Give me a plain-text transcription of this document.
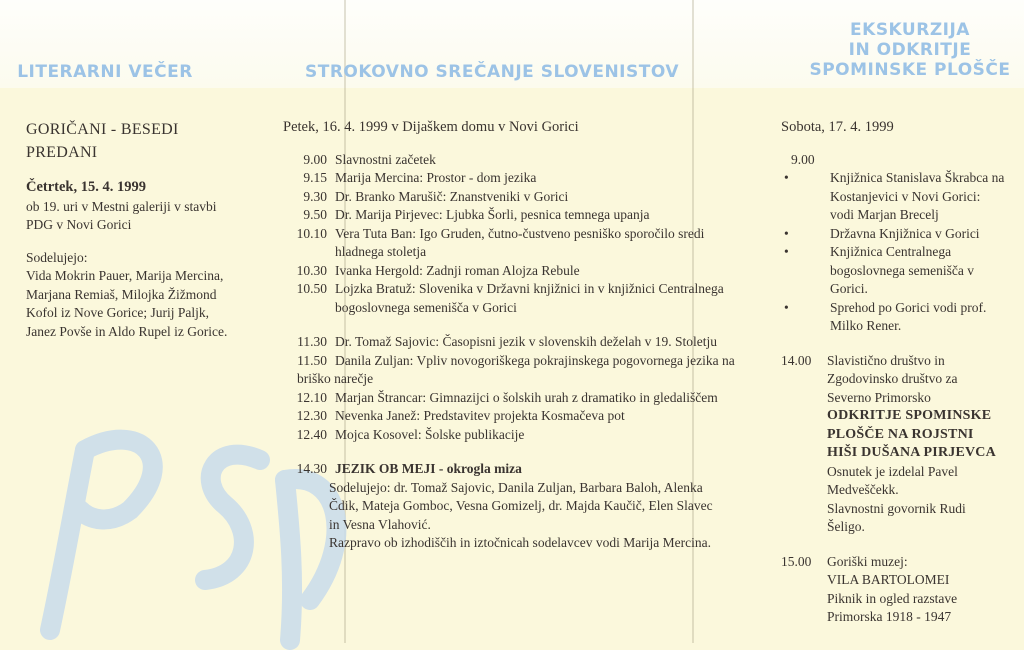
LITERARNI VEČER	STROKOVNO SREČANJE SLOVENISTOV
EKSKURZIJA
IN ODKRITJE
SPOMINSKE PLOŠČE
GORIČANI - BESEDI
PREDANI
Četrtek, 15. 4. 1999
ob 19. uri v Mestni galeriji v stavbi
PDG v Novi Gorici
Sodelujejo:
Vida Mokrin Pauer, Marija Mercina,
Marjana Remiaš, Milojka Žižmond
Kofol iz Nove Gorice; Jurij Paljk,
Janez Povše in Aldo Rupel iz Gorice.
Petek, 16. 4. 1999 v Dijaškem domu v Novi Gorici
9.00 Slavnostni začetek
9.15 Marija Mercina: Prostor - dom jezika
9.30 Dr. Branko Marušič: Znanstveniki v Gorici
9.50 Dr. Marija Pirjevec: Ljubka Šorli, pesnica temnega upanja
10.10 Vera Tuta Ban: Igo Gruden, čutno-čustveno pesniško sporočilo sredi
hladnega stoletja
10.30 Ivanka Hergold: Zadnji roman Alojza Rebule
10.50 Lojzka Bratuž: Slovenika v Državni knjižnici in v knjižnici Centralnega
bogoslovnega semenišča v Gorici
11.30 Dr. Tomaž Sajovic: Časopisni jezik v slovenskih deželah v 19. Stoletju
11.50 Danila Zuljan: Vpliv novogoriškega pokrajinskega pogovornega jezika na
briško narečje
12.10 Marjan Štrancar: Gimnazijci o šolskih urah z dramatiko in gledališčem
12.30 Nevenka Janež: Predstavitev projekta Kosmačeva pot
12.40 Mojca Kosovel: Šolske publikacije
14.30 JEZIK OB MEJI - okrogla miza
Sodelujejo: dr. Tomaž Sajovic, Danila Zuljan, Barbara Baloh, Alenka
Čdik, Mateja Gomboc, Vesna Gomizelj, dr. Majda Kaučič, Elen Slavec
in Vesna Vlahović.
Razpravo ob izhodiščih in iztočnicah sodelavcev vodi Marija Mercina.
Sobota, 17. 4. 1999
9.00
•	Knjižnica Stanislava Škrabca na
Kostanjevici v Novi Gorici:
vodi Marjan Brecelj
•	Državna Knjižnica v Gorici
•	Knjižnica Centralnega
bogoslovnega semenišča v
Gorici.
•	Sprehod po Gorici vodi prof.
Milko Rener.
14.00	Slavistično društvo in
Zgodovinsko društvo za
Severno Primorsko
ODKRITJE SPOMINSKE
PLOŠČE NA ROJSTNI
HIŠI DUŠANA PIRJEVCA
Osnutek je izdelal Pavel
Medveščekk.
Slavnostni govornik Rudi
Šeligo.
15.00	Goriški muzej:
VILA BARTOLOMEI
Piknik in ogled razstave
Primorska 1918 - 1947
